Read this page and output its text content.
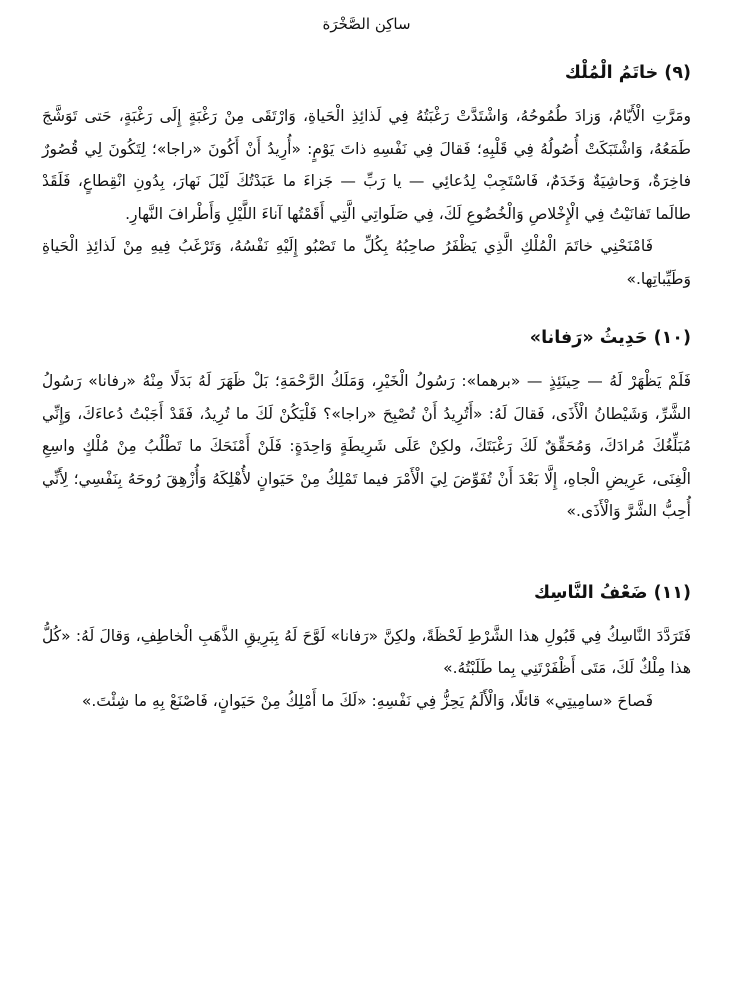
ساكِن الصَّخْرَة
(٩) خاتَمُ الْمُلْك

ومَرَّتِ الْأَيّامُ، وَزادَ طُمُوحُهُ، وَاشْتَدَّتْ رَغْبَتُهُ فِي لَذائِذِ الْحَياةِ، وَارْتَقَى مِنْ رَغْبَةٍ إِلَى رَغْبَةٍ، حَتى تَوَشَّجَ طَمَعُهُ، وَاشْتَبَكَتْ أُصُولُهُ فِي قَلْبِهِ؛ فَقالَ فِي نَفْسِهِ ذاتَ يَوْمٍ: «أُرِيدُ أَنْ أَكُونَ «راجا»؛ لِتَكُونَ لِي قُصُورٌ فاخِرَةٌ، وَحاشِيَةٌ وَخَدَمٌ، فَاسْتَجِبْ لِدُعائِي — يا رَبِّ — جَزاءَ ما عَبَدْتُكَ لَيْلَ نَهارَ، بِدُونِ انْقِطاعٍ، فَلَقَدْ طالَما تَفانَيْتُ فِي الْإِخْلاصِ وَالْخُضُوعِ لَكَ، فِي صَلَواتِي الَّتِي أَقَمْتُها آناءَ اللَّيْلِ وَأَطْرافَ النَّهارِ.

فَامْنَحْنِي خاتَمَ الْمُلْكِ الَّذِي يَظْفَرُ صاحِبُهُ بِكُلِّ ما تَصْبُو إِلَيْهِ نَفْسُهُ، وَتَرْغَبُ فِيهِ مِنْ لَذائِذِ الْحَياةِ وَطَيِّباتِها.»

(١٠) حَدِيثُ «رَفانا»

فَلَمْ يَظْهَرْ لَهُ — حِينَئِذٍ — «برهما»: رَسُولُ الْخَيْرِ، وَمَلَكُ الرَّحْمَةِ؛ بَلْ ظَهَرَ لَهُ بَدَلًا مِنْهُ «رفانا» رَسُولُ الشَّرِّ، وَشَيْطانُ الْأَذَى، فَقالَ لَهُ: «أَتُرِيدُ أَنْ تُصْبِحَ «راجا»؟ فَلْيَكُنْ لَكَ ما تُرِيدُ، فَقَدْ أَجَبْتُ دُعاءَكَ، وَإِنِّي مُبَلِّغُكَ مُرادَكَ، وَمُحَقِّقٌ لَكَ رَغْبَتَكَ، ولكِنْ عَلَى شَرِيطَةٍ وَاحِدَةٍ: فَلَنْ أَمْنَحَكَ ما تَطْلُبُ مِنْ مُلْكٍ واسِعِ الْغِنَى، عَرِيضِ الْجاهِ، إِلَّا بَعْدَ أَنْ تُفَوِّضَ لِيَ الْأَمْرَ فيما تَمْلِكُ مِنْ حَيَوانٍ لأُهْلِكَهُ وَأُزْهِقَ رُوحَهُ بِنَفْسِي؛ لِأَنِّي أُحِبُّ الشَّرَّ وَالْأَذَى.»

(١١) ضَعْفُ النَّاسِك

فَتَرَدَّدَ النَّاسِكُ فِي قَبُولِ هذا الشَّرْطِ لَحْظَةً، ولكِنَّ «رَفانا» لَوَّحَ لَهُ بِبَرِيقِ الذَّهَبِ الْخاطِفِ، وَقالَ لَهُ: «كُلُّ هذا مِلْكٌ لَكَ، مَتَى أَظْفَرْتَنِي بِما طَلَبْتُهُ.»

فَصاحَ «سامِيتِي» قائلًا، وَالْأَلَمُ يَحِزُّ فِي نَفْسِهِ: «لَكَ ما أَمْلِكُ مِنْ حَيَوانٍ، فَاصْنَعْ بِهِ ما شِئْتَ.»
